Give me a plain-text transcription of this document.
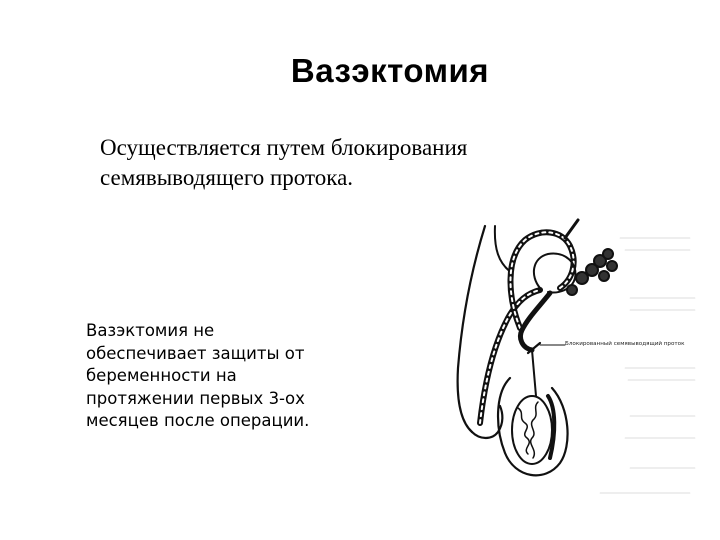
Вазэктомия

Осуществляется путем блокирования
семявыводящего протока.

Вазэктомия не
обеспечивает защиты от
беременности на
протяжении первых 3-ох
месяцев после операции.

Блокированный семявыводящий проток
